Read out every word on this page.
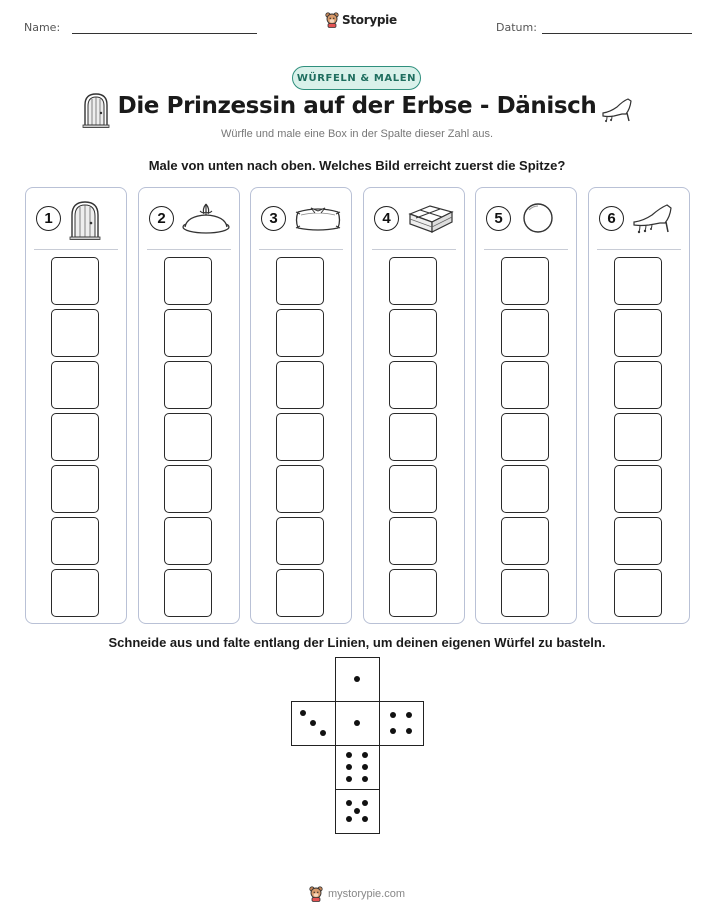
Name:
Storypie
Datum:
WÜRFELN & MALEN
Die Prinzessin auf der Erbse - Dänisch
Würfle und male eine Box in der Spalte dieser Zahl aus.
Male von unten nach oben. Welches Bild erreicht zuerst die Spitze?
1	2	3	4	5	6
Schneide aus und falte entlang der Linien, um deinen eigenen Würfel zu basteln.
mystorypie.com
